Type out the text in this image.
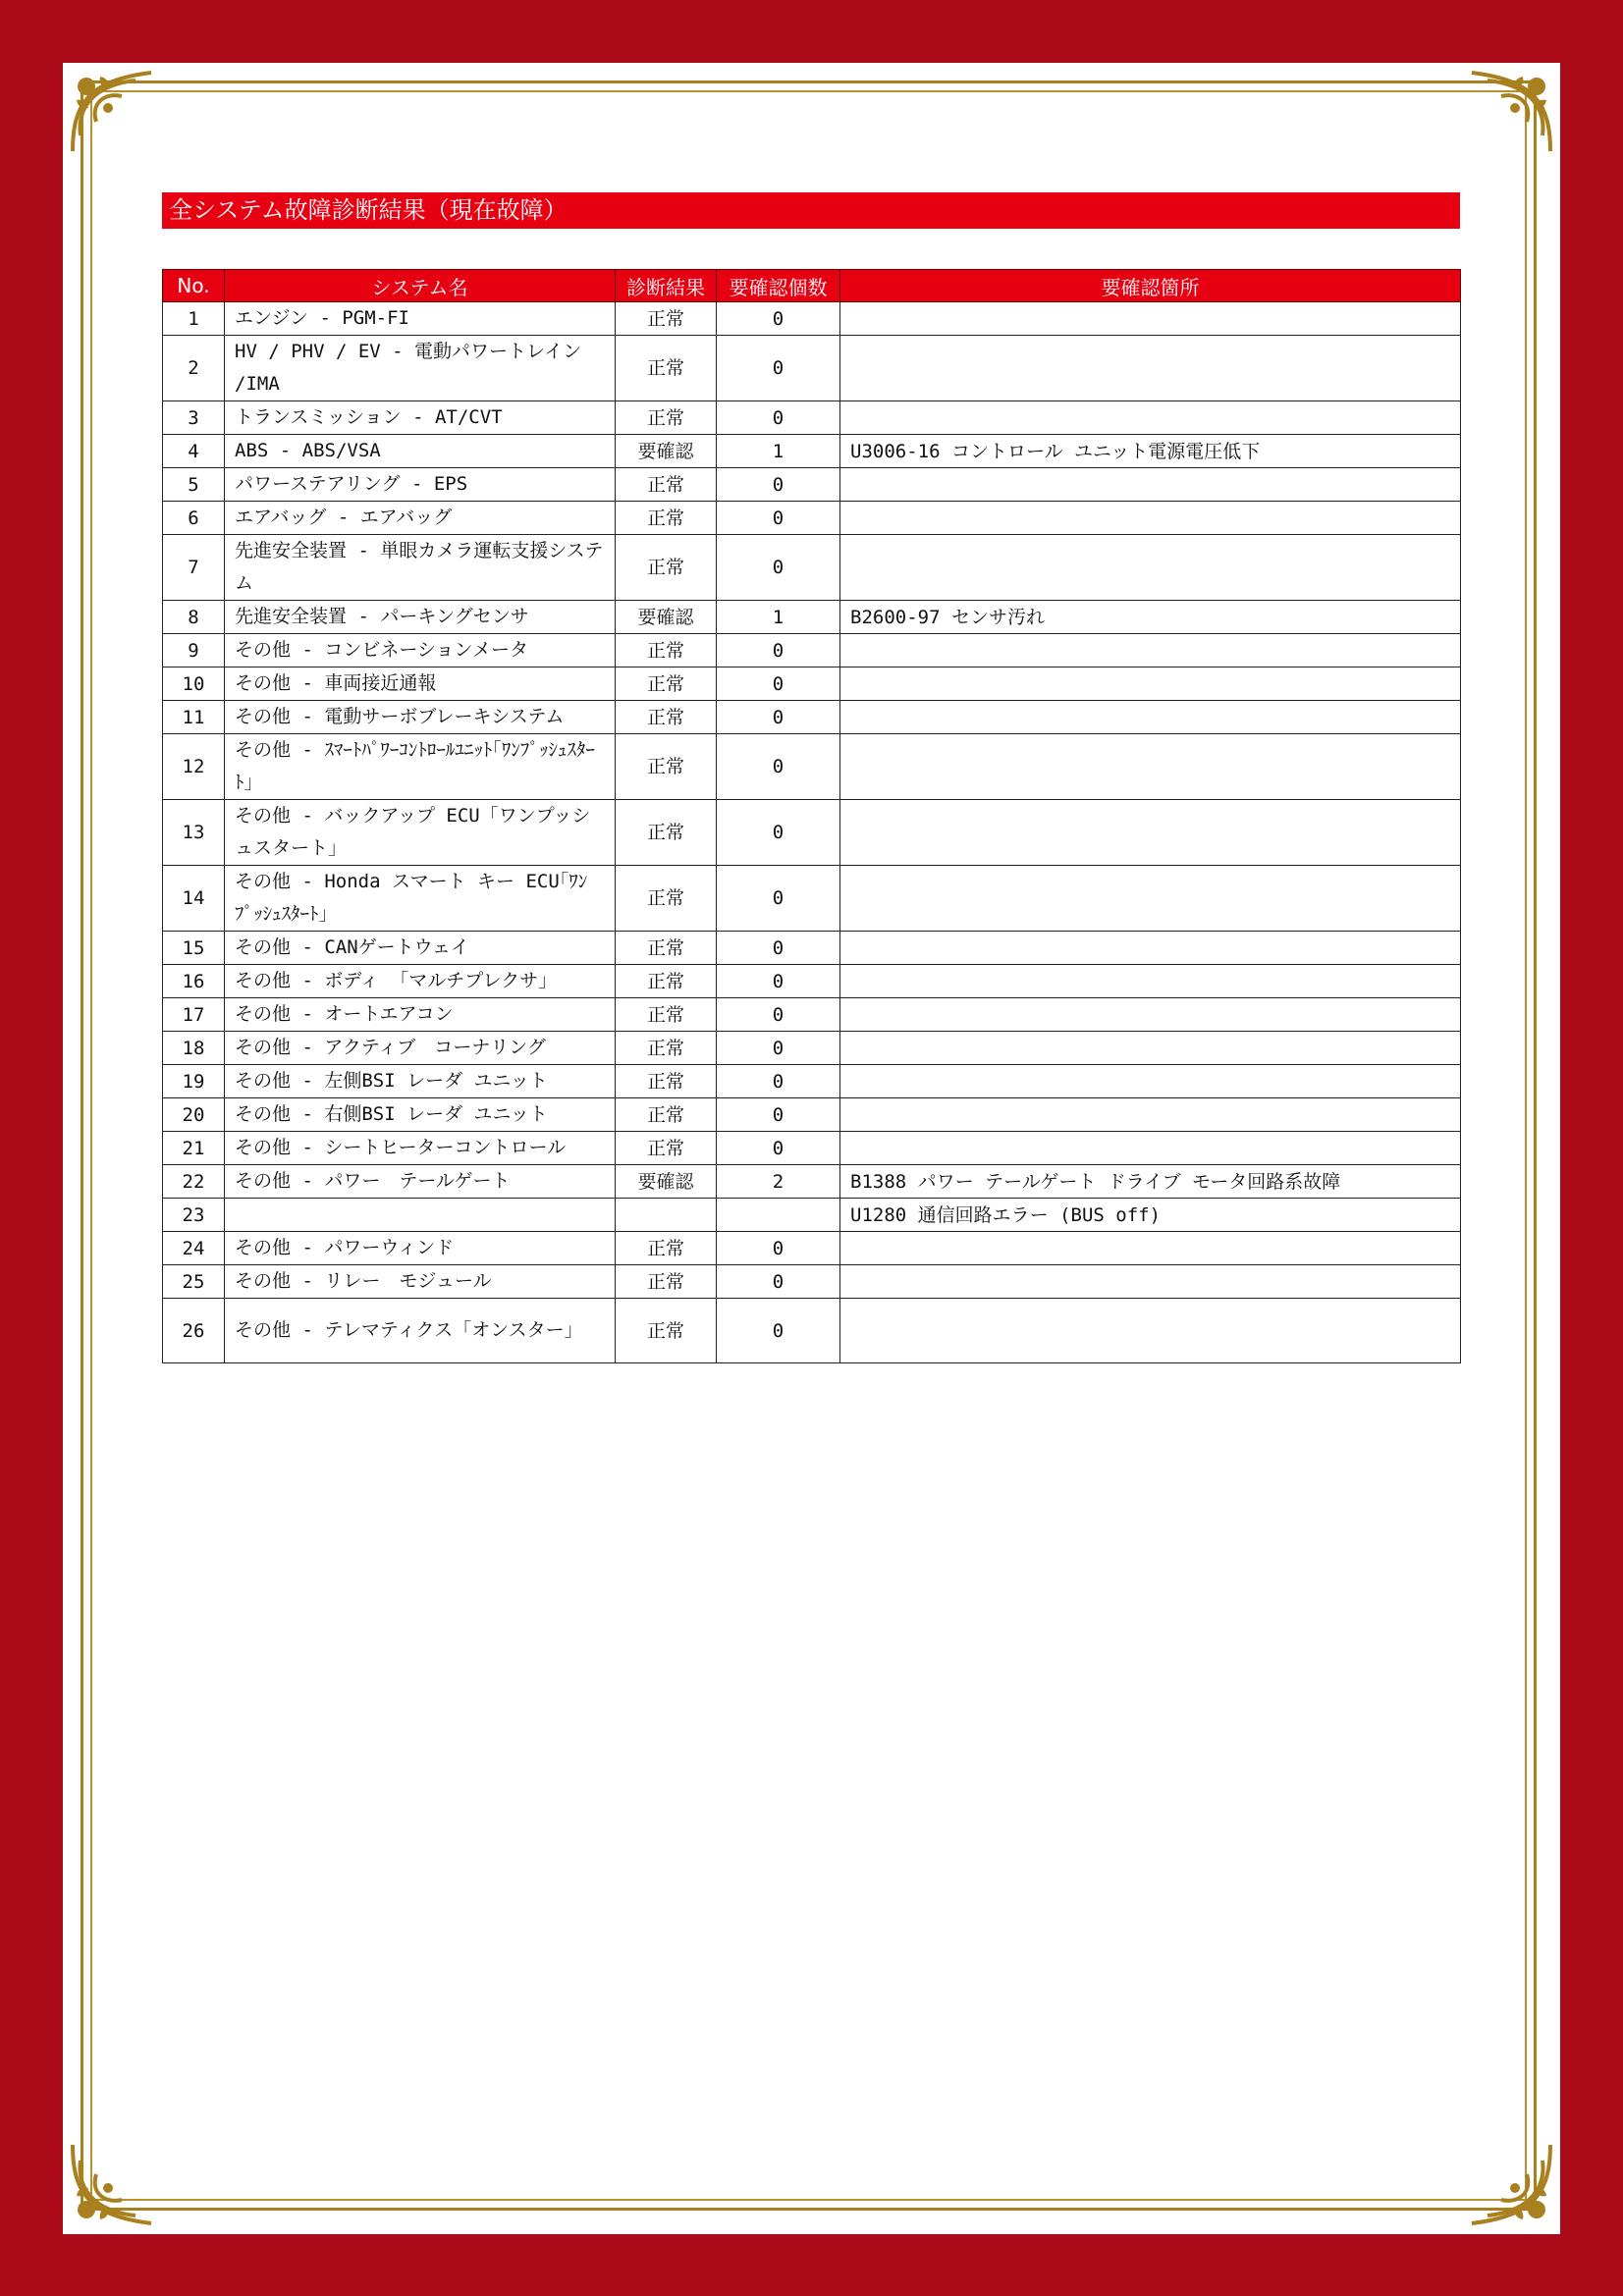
全システム故障診断結果（現在故障）
No.	システム名	診断結果	要確認個数	要確認箇所
1	エンジン - PGM-FI	正常	0	
2	HV / PHV / EV - 電動パワートレイン /IMA	正常	0	
3	トランスミッション - AT/CVT	正常	0	
4	ABS - ABS/VSA	要確認	1	U3006-16 コントロール ユニット電源電圧低下
5	パワーステアリング - EPS	正常	0	
6	エアバッグ - エアバッグ	正常	0	
7	先進安全装置 - 単眼カメラ運転支援システム	正常	0	
8	先進安全装置 - パーキングセンサ	要確認	1	B2600-97 センサ汚れ
9	その他 - コンビネーションメータ	正常	0	
10	その他 - 車両接近通報	正常	0	
11	その他 - 電動サーボブレーキシステム	正常	0	
12	その他 - ｽﾏｰﾄﾊﾟﾜｰｺﾝﾄﾛｰﾙﾕﾆｯﾄ｢ﾜﾝﾌﾟｯｼｭｽﾀｰﾄ｣	正常	0	
13	その他 - バックアップ ECU「ワンプッシュスタート」	正常	0	
14	その他 - Honda スマート キー ECU｢ﾜﾝﾌﾟｯｼｭｽﾀｰﾄ｣	正常	0	
15	その他 - CANゲートウェイ	正常	0	
16	その他 - ボディ 「マルチプレクサ」	正常	0	
17	その他 - オートエアコン	正常	0	
18	その他 - アクティブ　コーナリング	正常	0	
19	その他 - 左側BSI レーダ ユニット	正常	0	
20	その他 - 右側BSI レーダ ユニット	正常	0	
21	その他 - シートヒーターコントロール	正常	0	
22	その他 - パワー　テールゲート	要確認	2	B1388 パワー テールゲート ドライブ モータ回路系故障
23				U1280 通信回路エラー (BUS off)
24	その他 - パワーウィンド	正常	0	
25	その他 - リレー　モジュール	正常	0	
26	その他 - テレマティクス「オンスター」	正常	0	
